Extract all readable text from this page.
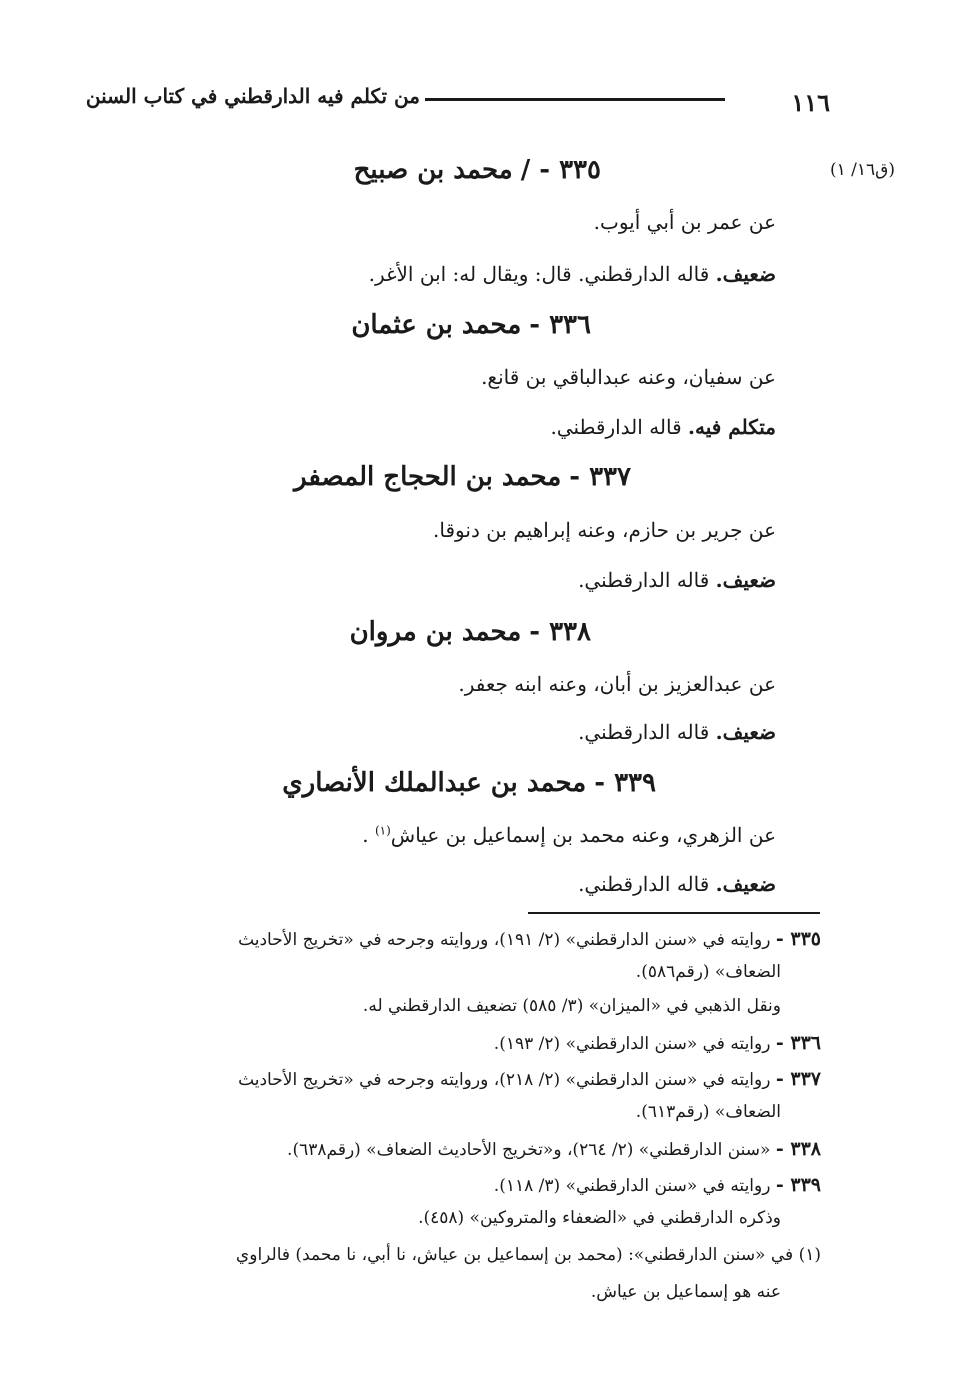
١١٦
من تكلم فيه الدارقطني في كتاب السنن
(ق١٦/ ١)
٣٣٥ - /محمد بن صبيح
عن عمر بن أبي أيوب.
ضعيف. قاله الدارقطني. قال: ويقال له: ابن الأغر.
٣٣٦ -محمد بن عثمان
عن سفيان، وعنه عبدالباقي بن قانع.
متكلم فيه. قاله الدارقطني.
٣٣٧ -محمد بن الحجاج المصفر
عن جرير بن حازم، وعنه إبراهيم بن دنوقا.
ضعيف. قاله الدارقطني.
٣٣٨ -محمد بن مروان
عن عبدالعزيز بن أبان، وعنه ابنه جعفر.
ضعيف. قاله الدارقطني.
٣٣٩ -محمد بن عبدالملك الأنصاري
عن الزهري، وعنه محمد بن إسماعيل بن عياش$^{(١)}$ .
ضعيف. قاله الدارقطني.
٣٣٥ - روايته في «سنن الدارقطني» (٢/ ١٩١)، وروايته وجرحه في «تخريج الأحاديث
الضعاف» (رقم٥٨٦).
ونقل الذهبي في «الميزان» (٣/ ٥٨٥) تضعيف الدارقطني له.
٣٣٦ - روايته في «سنن الدارقطني» (٢/ ١٩٣).
٣٣٧ - روايته في «سنن الدارقطني» (٢/ ٢١٨)، وروايته وجرحه في «تخريج الأحاديث
الضعاف» (رقم٦١٣).
٣٣٨ - «سنن الدارقطني» (٢/ ٢٦٤)، و«تخريج الأحاديث الضعاف» (رقم٦٣٨).
٣٣٩ - روايته في «سنن الدارقطني» (٣/ ١١٨).
وذكره الدارقطني في «الضعفاء والمتروكين» (٤٥٨).
(١) في «سنن الدارقطني»: (محمد بن إسماعيل بن عياش، نا أبي، نا محمد) فالراوي
عنه هو إسماعيل بن عياش.
